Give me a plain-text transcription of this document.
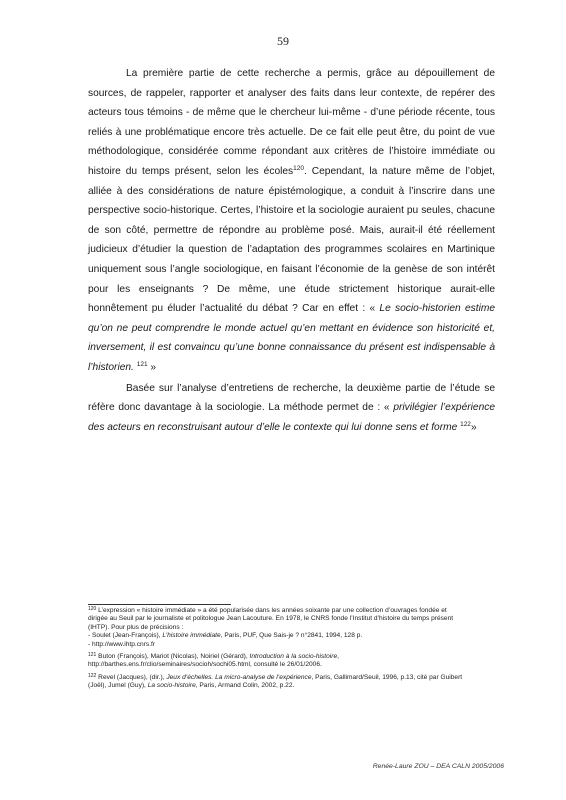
59

La première partie de cette recherche a permis, grâce au dépouillement de sources, de rappeler, rapporter et analyser des faits dans leur contexte, de repérer des acteurs tous témoins - de même que le chercheur lui-même - d’une période récente, tous reliés à une problématique encore très actuelle. De ce fait elle peut être, du point de vue méthodologique, considérée comme répondant aux critères de l’histoire immédiate ou histoire du temps présent, selon les écoles$^{120}$. Cependant, la nature même de l’objet, alliée à des considérations de nature épistémologique, a conduit à l’inscrire dans une perspective socio-historique. Certes, l’histoire et la sociologie auraient pu seules, chacune de son côté, permettre de répondre au problème posé. Mais, aurait-il été réellement judicieux d’étudier la question de l’adaptation des programmes scolaires en Martinique uniquement sous l’angle sociologique, en faisant l’économie de la genèse de son intérêt pour les enseignants ? De même, une étude strictement historique aurait-elle honnêtement pu éluder l’actualité du débat ? Car en effet : « Le socio-historien estime qu’on ne peut comprendre le monde actuel qu’en mettant en évidence son historicité et, inversement, il est convaincu qu’une bonne connaissance du présent est indispensable à l’historien. $^{121}$ »

Basée sur l’analyse d’entretiens de recherche, la deuxième partie de l’étude se réfère donc davantage à la sociologie. La méthode permet de : « privilégier l’expérience des acteurs en reconstruisant autour d’elle le contexte qui lui donne sens et forme $^{122}$»

$^{120}$ L’expression « histoire immédiate » a été popularisée dans les années soixante par une collection d’ouvrages fondée et
dirigée au Seuil par le journaliste et politologue Jean Lacouture. En 1978, le CNRS fonde l’Institut d’histoire du temps présent
(IHTP). Pour plus de précisions :
- Soulet (Jean-François), L’histoire immédiate, Paris, PUF, Que Sais-je ? n°2841, 1994, 128 p.
- http://www.ihtp.cnrs.fr
$^{121}$ Buton (François), Mariot (Nicolas), Noiriel (Gérard), Introduction à la socio-histoire,
http://barthes.ens.fr/clio/seminaires/socioh/sochi05.html, consulté le 26/01/2006.
$^{122}$ Revel (Jacques), (dir.), Jeux d’échelles. La micro-analyse de l’expérience, Paris, Gallimard/Seuil, 1996, p.13, cité par Guibert
(Joël), Jumel (Guy), La socio-histoire, Paris, Armand Colin, 2002, p.22.
Renée-Laure ZOU – DEA CALN 2005/2006
